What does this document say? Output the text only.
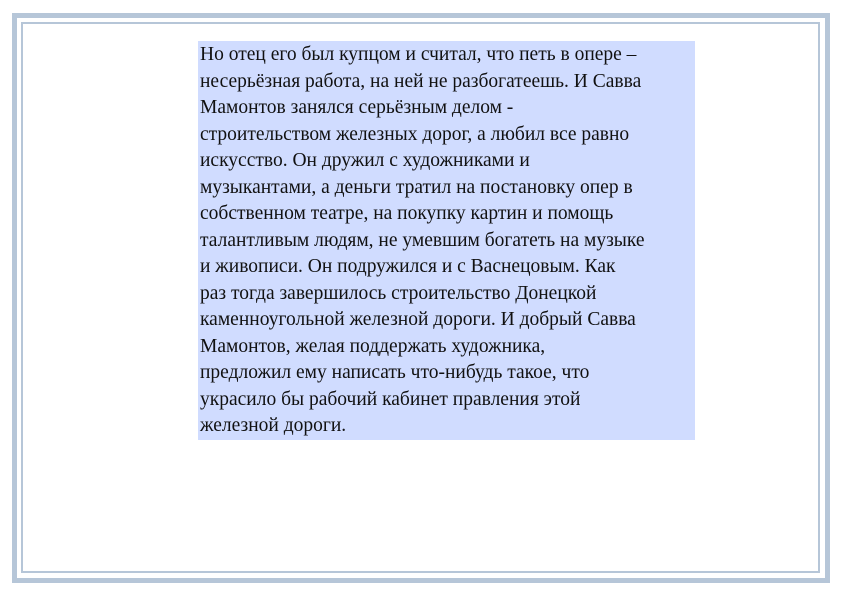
Но отец его был купцом и считал, что петь в опере –
несерьёзная работа, на ней не разбогатеешь. И Савва
Мамонтов занялся серьёзным делом -
строительством железных дорог, а любил все равно
искусство. Он дружил с художниками и
музыкантами, а деньги тратил на постановку опер в
собственном театре, на покупку картин и помощь
талантливым людям, не умевшим богатеть на музыке
и живописи. Он подружился и с Васнецовым. Как
раз тогда завершилось строительство Донецкой
каменноугольной железной дороги. И добрый Савва
Мамонтов, желая поддержать художника,
предложил ему написать что-нибудь такое, что
украсило бы рабочий кабинет правления этой
железной дороги.
